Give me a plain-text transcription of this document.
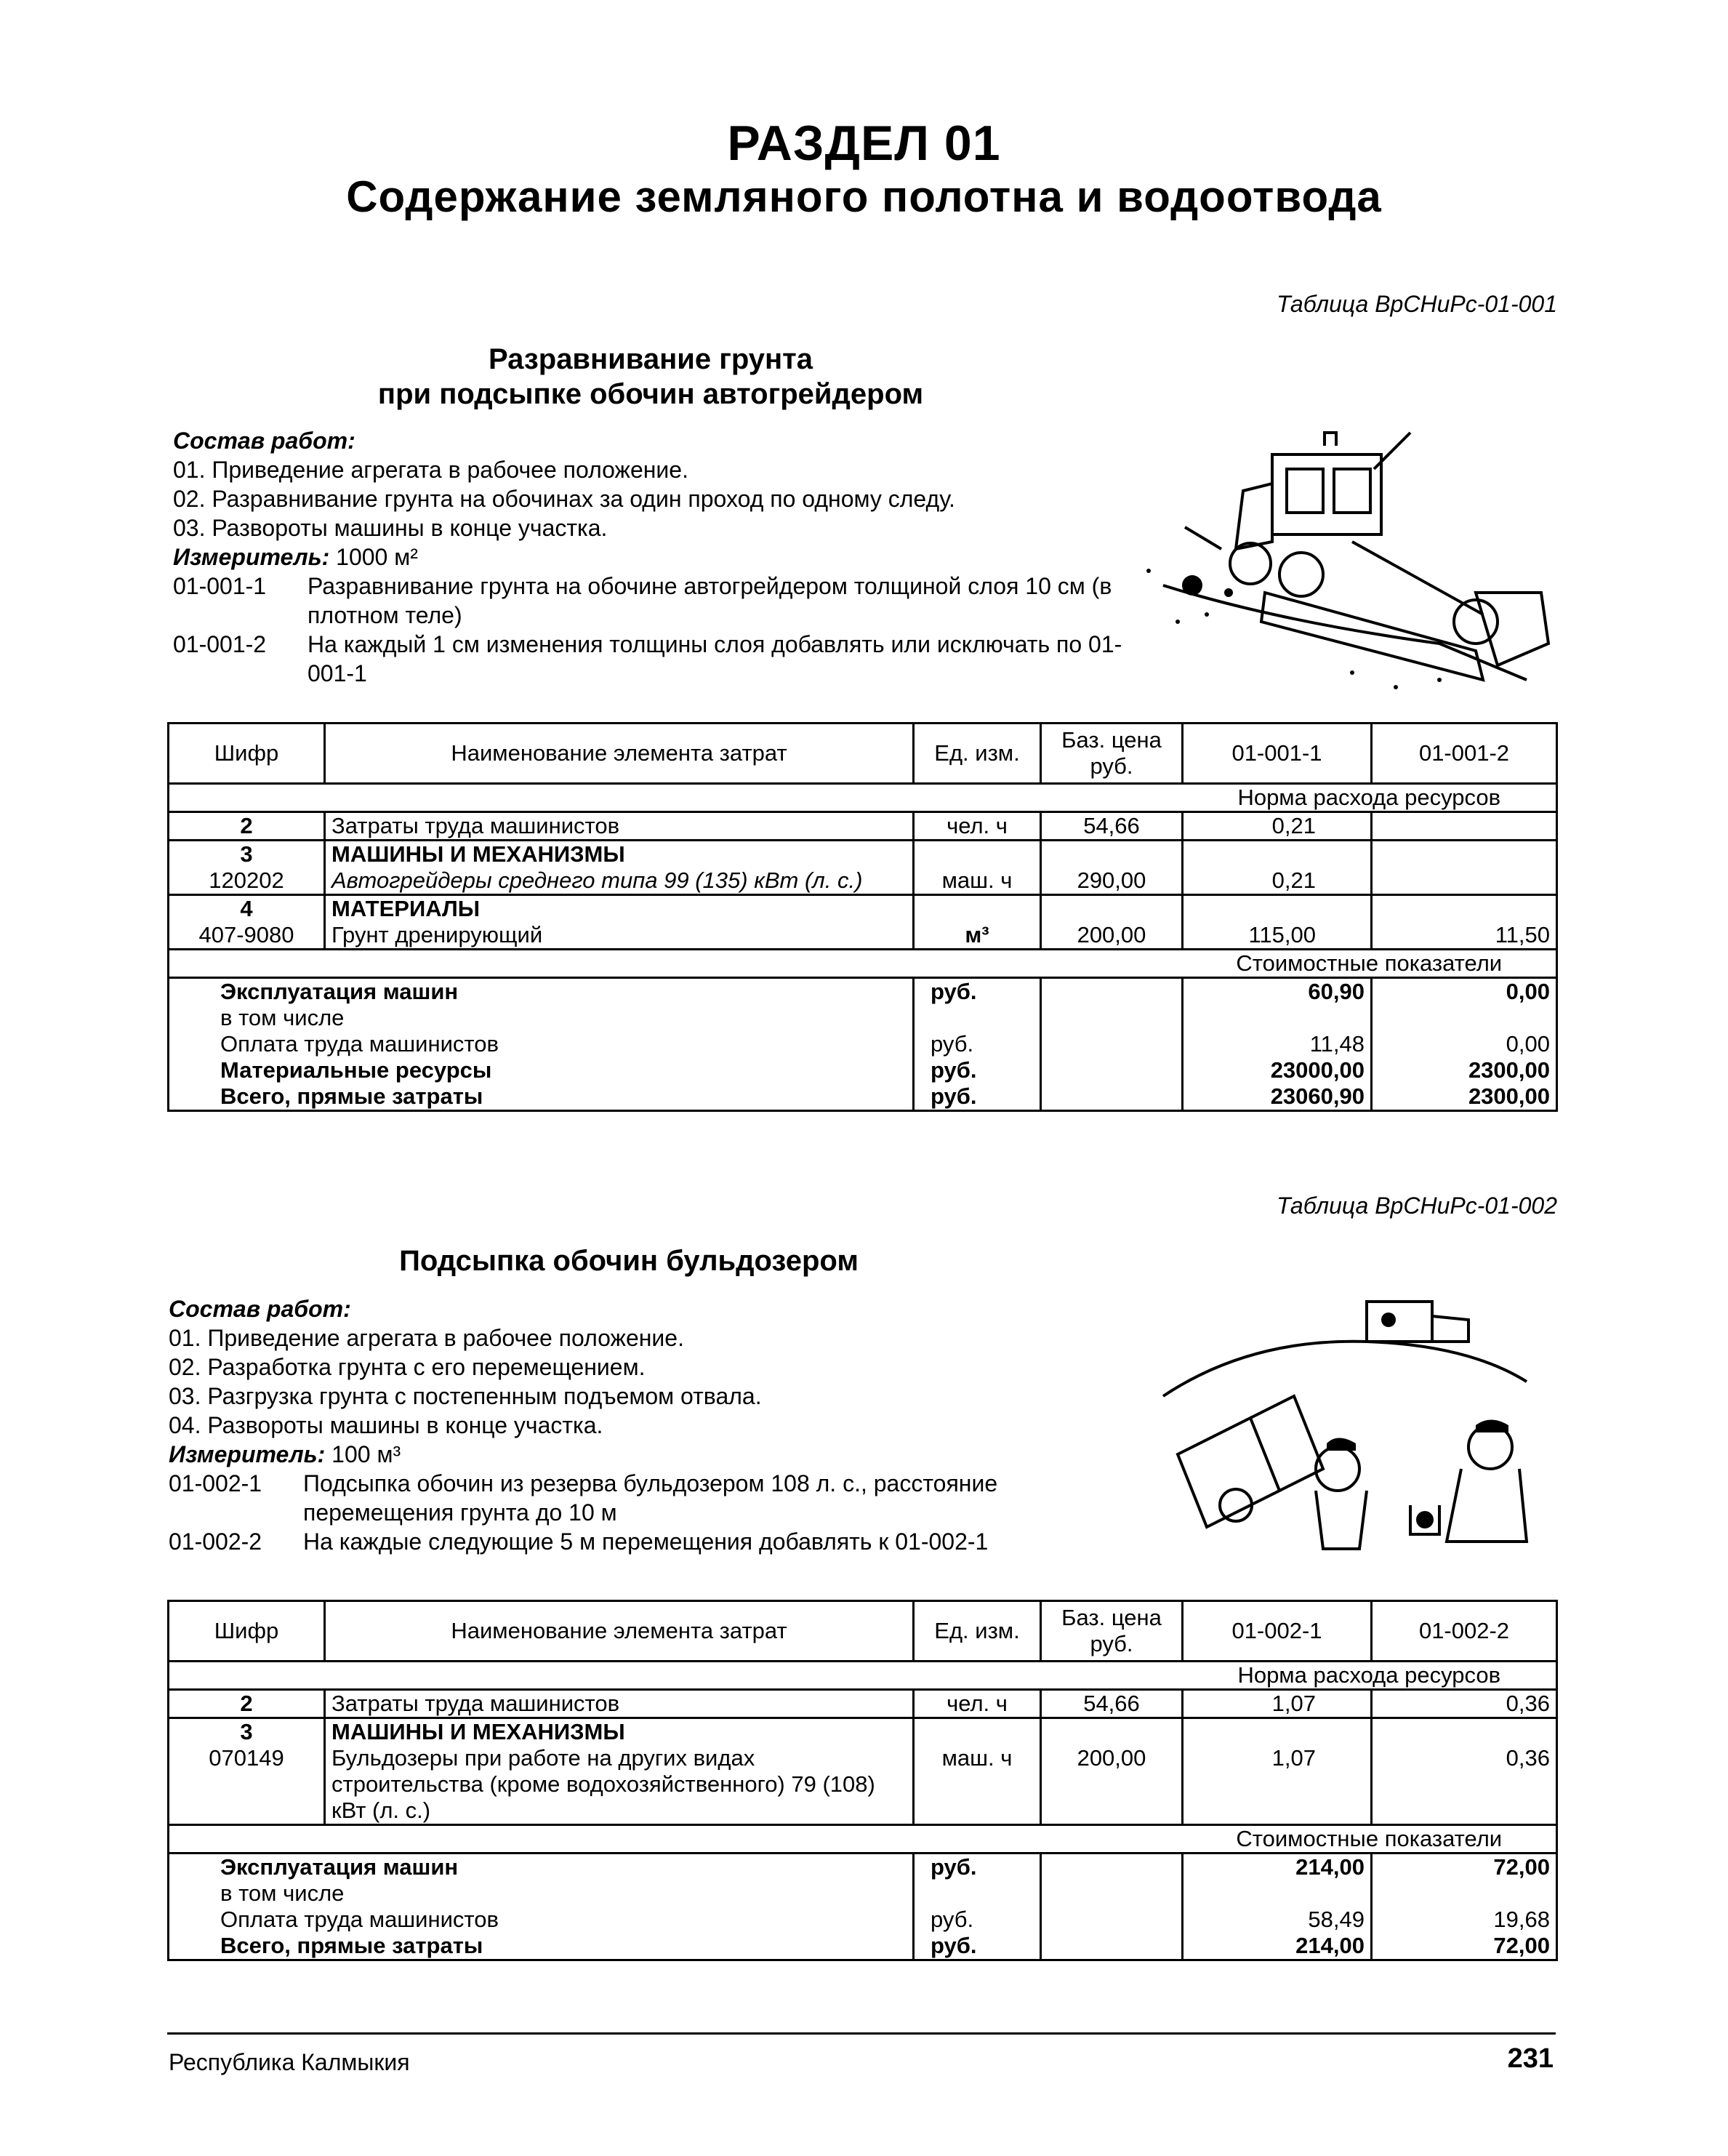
РАЗДЕЛ 01
Содержание земляного полотна и водоотвода
Таблица ВрСНиРс-01-001
Разравнивание грунта
при подсыпке обочин автогрейдером
Состав работ:
01. Приведение агрегата в рабочее положение.
02. Разравнивание грунта на обочинах за один проход по одному следу.
03. Развороты машины в конце участка.
Измеритель: 1000 м²
01-001-1	Разравнивание грунта на обочине автогрейдером толщиной слоя 10 см (в плотном теле)
01-001-2	На каждый 1 см изменения толщины слоя добавлять или исключать по 01-001-1
Шифр	Наименование элемента затрат	Ед. изм.	Баз. цена руб.	01-001-1	01-001-2
				Норма расхода ресурсов	
2	Затраты труда машинистов	чел. ч	54,66	0,21	
3	МАШИНЫ И МЕХАНИЗМЫ				
120202	Автогрейдеры среднего типа 99 (135) кВт (л. с.)	маш. ч	290,00	0,21	
4	МАТЕРИАЛЫ				
407-9080	Грунт дренирующий	м³	200,00	115,00	11,50
				Стоимостные показатели	
Эксплуатация машин		руб.		60,90	0,00
в том числе					
Оплата труда машинистов		руб.		11,48	0,00
Материальные ресурсы		руб.		23000,00	2300,00
Всего, прямые затраты		руб.		23060,90	2300,00
Таблица ВрСНиРс-01-002
Подсыпка обочин бульдозером
Состав работ:
01. Приведение агрегата в рабочее положение.
02. Разработка грунта с его перемещением.
03. Разгрузка грунта с постепенным подъемом отвала.
04. Развороты машины в конце участка.
Измеритель: 100 м³
01-002-1	Подсыпка обочин из резерва бульдозером 108 л. с., расстояние перемещения грунта до 10 м
01-002-2	На каждые следующие 5 м перемещения добавлять к 01-002-1
Шифр	Наименование элемента затрат	Ед. изм.	Баз. цена руб.	01-002-1	01-002-2
				Норма расхода ресурсов	
2	Затраты труда машинистов	чел. ч	54,66	1,07	0,36
3	МАШИНЫ И МЕХАНИЗМЫ				
070149	Бульдозеры при работе на других видах строительства (кроме водохозяйственного) 79 (108) кВт (л. с.)	маш. ч	200,00	1,07	0,36
				Стоимостные показатели	
Эксплуатация машин		руб.		214,00	72,00
в том числе					
Оплата труда машинистов		руб.		58,49	19,68
Всего, прямые затраты		руб.		214,00	72,00
Республика Калмыкия	231
